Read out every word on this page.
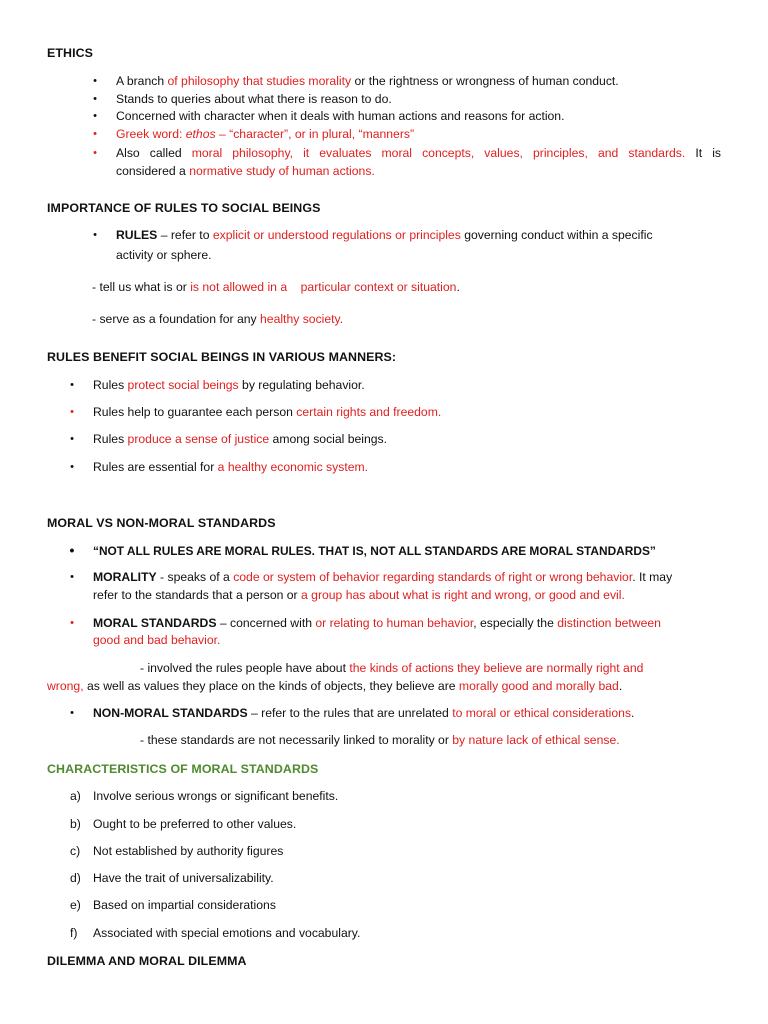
ETHICS
• A branch of philosophy that studies morality or the rightness or wrongness of human conduct.
• Stands to queries about what there is reason to do.
• Concerned with character when it deals with human actions and reasons for action.
• Greek word: ethos – “character”, or in plural, “manners”
• Also called moral philosophy, it evaluates moral concepts, values, principles, and standards. It is
considered a normative study of human actions.
IMPORTANCE OF RULES TO SOCIAL BEINGS
• RULES – refer to explicit or understood regulations or principles governing conduct within a specific
activity or sphere.
- tell us what is or is not allowed in a    particular context or situation.
- serve as a foundation for any healthy society.
RULES BENEFIT SOCIAL BEINGS IN VARIOUS MANNERS:
• Rules protect social beings by regulating behavior.
• Rules help to guarantee each person certain rights and freedom.
• Rules produce a sense of justice among social beings.
• Rules are essential for a healthy economic system.
MORAL VS NON-MORAL STANDARDS
• “NOT ALL RULES ARE MORAL RULES. THAT IS, NOT ALL STANDARDS ARE MORAL STANDARDS”
• MORALITY - speaks of a code or system of behavior regarding standards of right or wrong behavior. It may
refer to the standards that a person or a group has about what is right and wrong, or good and evil.
• MORAL STANDARDS – concerned with or relating to human behavior, especially the distinction between
good and bad behavior.
- involved the rules people have about the kinds of actions they believe are normally right and
wrong, as well as values they place on the kinds of objects, they believe are morally good and morally bad.
• NON-MORAL STANDARDS – refer to the rules that are unrelated to moral or ethical considerations.
- these standards are not necessarily linked to morality or by nature lack of ethical sense.
CHARACTERISTICS OF MORAL STANDARDS
a) Involve serious wrongs or significant benefits.
b) Ought to be preferred to other values.
c) Not established by authority figures
d) Have the trait of universalizability.
e) Based on impartial considerations
f) Associated with special emotions and vocabulary.
DILEMMA AND MORAL DILEMMA
